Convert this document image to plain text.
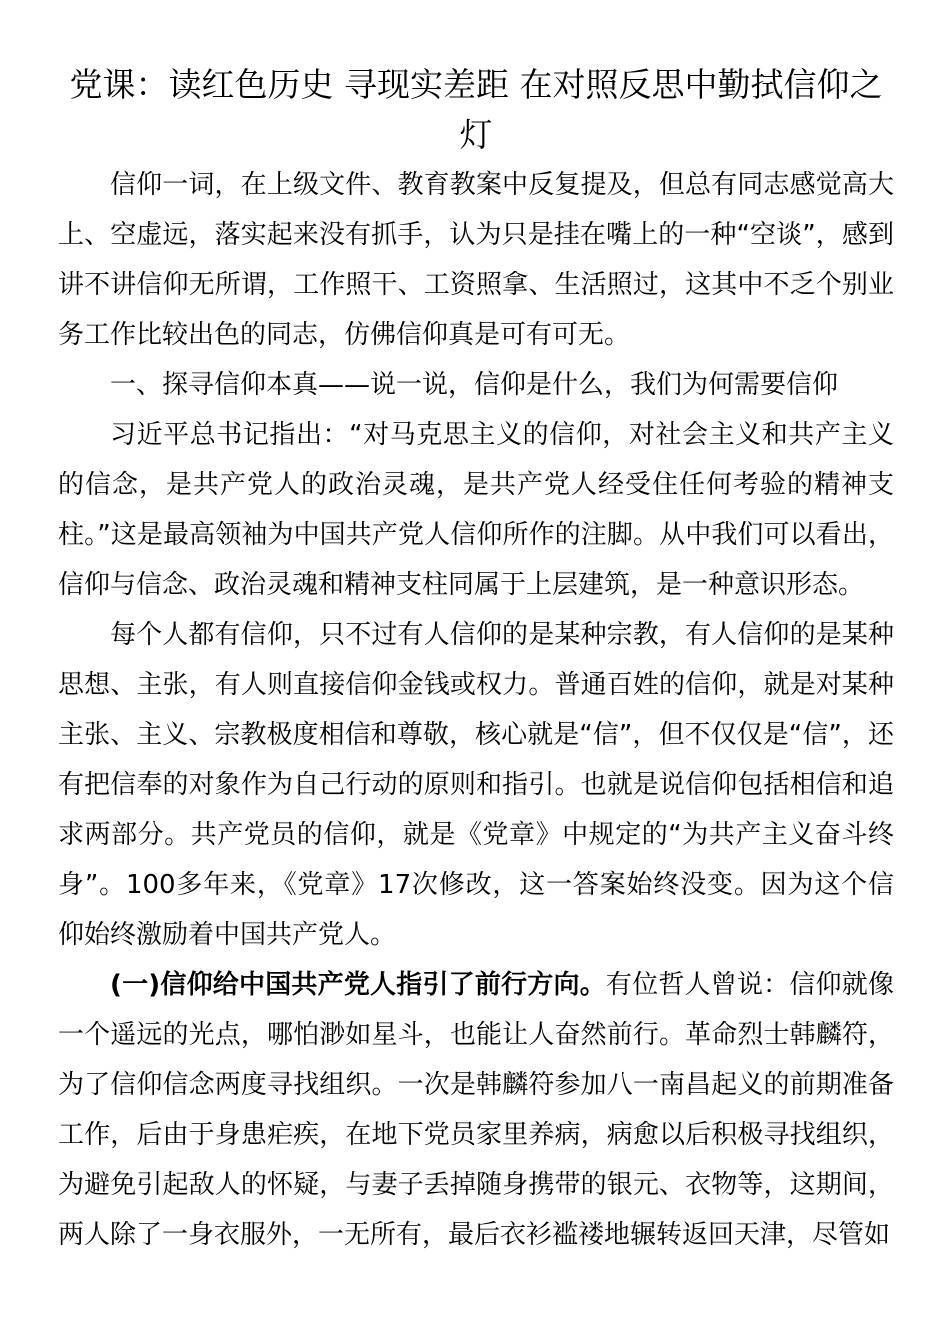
党课：读红色历史 寻现实差距 在对照反思中勤拭信仰之灯

信仰一词，在上级文件、教育教案中反复提及，但总有同志感觉高大上、空虚远，落实起来没有抓手，认为只是挂在嘴上的一种“空谈”，感到讲不讲信仰无所谓，工作照干、工资照拿、生活照过，这其中不乏个别业务工作比较出色的同志，仿佛信仰真是可有可无。

一、探寻信仰本真——说一说，信仰是什么，我们为何需要信仰

习近平总书记指出：“对马克思主义的信仰，对社会主义和共产主义的信念，是共产党人的政治灵魂，是共产党人经受住任何考验的精神支柱。”这是最高领袖为中国共产党人信仰所作的注脚。从中我们可以看出，信仰与信念、政治灵魂和精神支柱同属于上层建筑，是一种意识形态。

每个人都有信仰，只不过有人信仰的是某种宗教，有人信仰的是某种思想、主张，有人则直接信仰金钱或权力。普通百姓的信仰，就是对某种主张、主义、宗教极度相信和尊敬，核心就是“信”，但不仅仅是“信”，还有把信奉的对象作为自己行动的原则和指引。也就是说信仰包括相信和追求两部分。共产党员的信仰，就是《党章》中规定的“为共产主义奋斗终身”。100多年来，《党章》17次修改，这一答案始终没变。因为这个信仰始终激励着中国共产党人。

(一)信仰给中国共产党人指引了前行方向。有位哲人曾说：信仰就像一个遥远的光点，哪怕渺如星斗，也能让人奋然前行。革命烈士韩麟符，为了信仰信念两度寻找组织。一次是韩麟符参加八一南昌起义的前期准备工作，后由于身患疟疾，在地下党员家里养病，病愈以后积极寻找组织，为避免引起敌人的怀疑，与妻子丢掉随身携带的银元、衣物等，这期间，两人除了一身衣服外，一无所有，最后衣衫褴褛地辗转返回天津，尽管如
